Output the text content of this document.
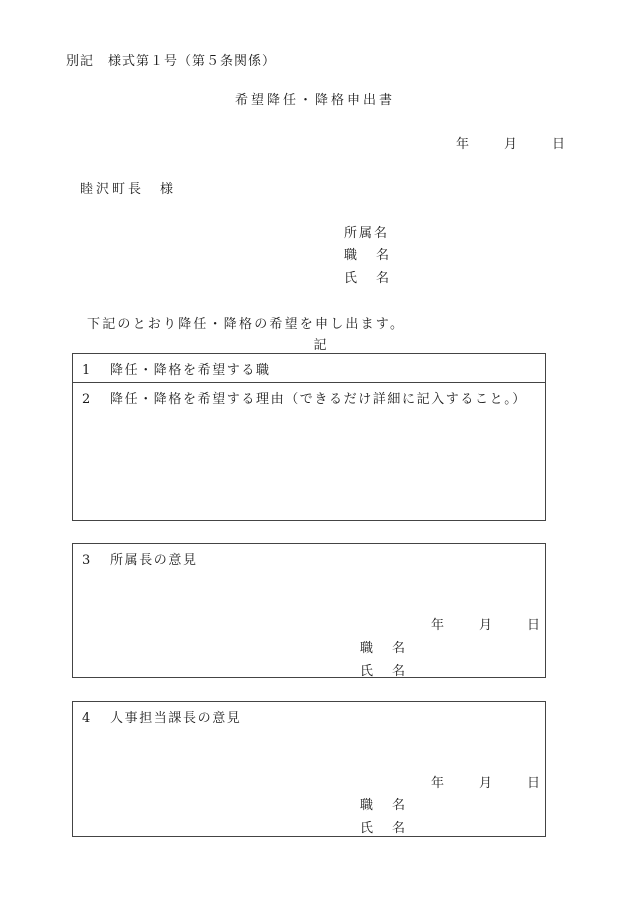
別記　様式第１号（第５条関係）
希望降任・降格申出書
年	月	日
睦沢町長　様
所属名
職 名
氏 名
下記のとおり降任・降格の希望を申し出ます。
記
1 降任・降格を希望する職
2 降任・降格を希望する理由（できるだけ詳細に記入すること。）
3 所属長の意見
年	月	日
職 名
氏 名
4 人事担当課長の意見
年	月	日
職 名
氏 名
